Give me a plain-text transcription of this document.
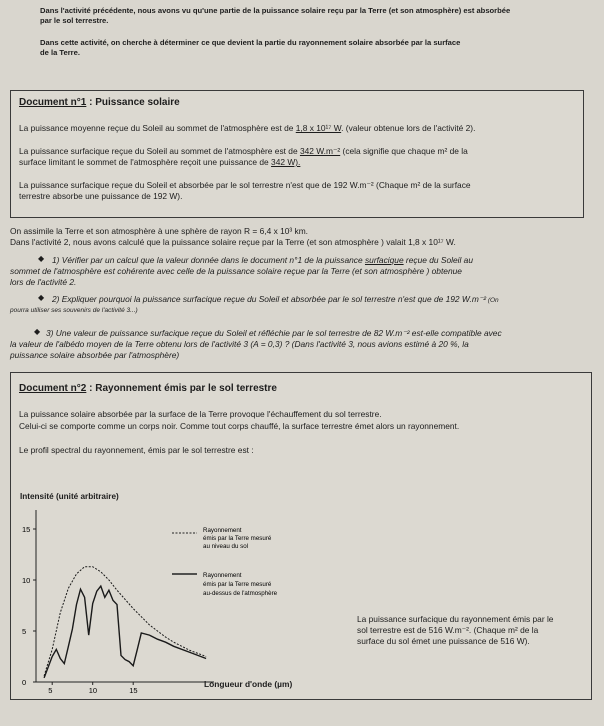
Dans l'activité précédente, nous avons vu qu'une partie de la puissance solaire reçu par la Terre (et son atmosphère) est absorbée
par le sol terrestre.
Dans cette activité, on cherche à déterminer ce que devient la partie du rayonnement solaire absorbée par la surface
de la Terre.
Document n°1 : Puissance solaire
La puissance moyenne reçue du Soleil au sommet de l'atmosphère est de 1,8 x 10¹⁷ W. (valeur obtenue lors de l'activité 2).
La puissance surfacique reçue du Soleil au sommet de l'atmosphère est de 342 W.m⁻² (cela signifie que chaque m² de la
surface limitant le sommet de l'atmosphère reçoit une puissance de 342 W).
La puissance surfacique reçue du Soleil et absorbée par le sol terrestre n'est que de 192 W.m⁻² (Chaque m² de la surface
terrestre absorbe une puissance de 192 W).
On assimile la Terre et son atmosphère à une sphère de rayon R = 6,4 x 10³ km.
Dans l'activité 2, nous avons calculé que la puissance solaire reçue par la Terre (et son atmosphère ) valait 1,8 x 10¹⁷ W.
◆ 1) Vérifier par un calcul que la valeur donnée dans le document n°1 de la puissance surfacique reçue du Soleil au
sommet de l'atmosphère est cohérente avec celle de la puissance solaire reçue par la Terre (et son atmosphère ) obtenue
lors de l'activité 2.
◆ 2) Expliquer pourquoi la puissance surfacique reçue du Soleil et absorbée par le sol terrestre n'est que de 192 W.m⁻² (On
pourra utiliser ses souvenirs de l'activité 3...)
◆ 3) Une valeur de puissance surfacique reçue du Soleil et réfléchie par le sol terrestre de 82 W.m⁻² est-elle compatible avec
la valeur de l'albédo moyen de la Terre obtenu lors de l'activité 3 (A = 0,3) ? (Dans l'activité 3, nous avions estimé à 20 %, la
puissance solaire absorbée par l'atmosphère)
Document n°2 : Rayonnement émis par le sol terrestre
La puissance solaire absorbée par la surface de la Terre provoque l'échauffement du sol terrestre.
Celui-ci se comporte comme un corps noir. Comme tout corps chauffé, la surface terrestre émet alors un rayonnement.
Le profil spectral du rayonnement, émis par le sol terrestre est :
La puissance surfacique du rayonnement émis par le
sol terrestre est de 516 W.m⁻². (Chaque m² de la
surface du sol émet une puissance de 516 W).
Intensité (unité arbitraire)
Longueur d'onde (µm)
0
5
10
15
5	10	15
Rayonnement
émis par la Terre mesuré
au niveau du sol
Rayonnement
émis par la Terre mesuré
au-dessus de l'atmosphère
